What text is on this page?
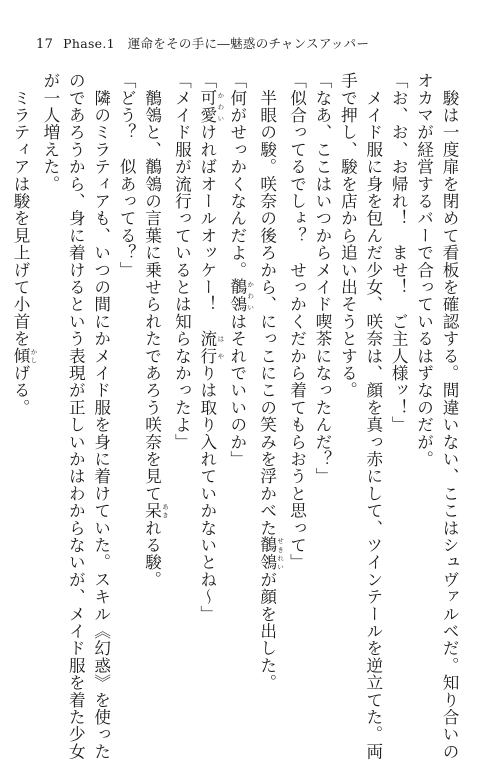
17 Phase.1　運命をその手に―魅惑のチャンスアッパー
　駿は一度扉を閉めて看板を確認する。間違いない、ここはシュヴァルベだ。知り合いの
オカマが経営するバーで合っているはずなのだが。
「お、お、お帰れ！　ませ！　ご主人様ッ！」
　メイド服に身を包んだ少女、咲奈は、顔を真っ赤にして、ツインテールを逆立てた。両
手で押し、駿を店から追い出そうとする。
「なあ、ここはいつからメイド喫茶になったんだ？」
「似合ってるでしょ？　せっかくだから着てもらおうと思って」
　半眼の駿。咲奈の後ろから、にっこにこの笑みを浮かべた鶺鴒 せきれいが顔を出した。
「何がせっかくなんだよ。鶺鴒 かわいはそれでいいのか」
「可愛 かわいければオールオッケー！　流行 はやりは取り入れていかないとね～」
「メイド服が流行っているとは知らなかったよ」
　鶺鴒と、鶺鴒の言葉に乗せられたであろう咲奈を見て呆 あきれる駿。
「どう？　似あってる？」
　隣のミラティアも、いつの間にかメイド服を身に着けていた。スキル《幻惑》を使った
のであろうから、身に着けるという表現が正しいかはわからないが、メイド服を着た少女
が一人増えた。
　ミラティアは駿を見上げて小首を傾 かしげる。
